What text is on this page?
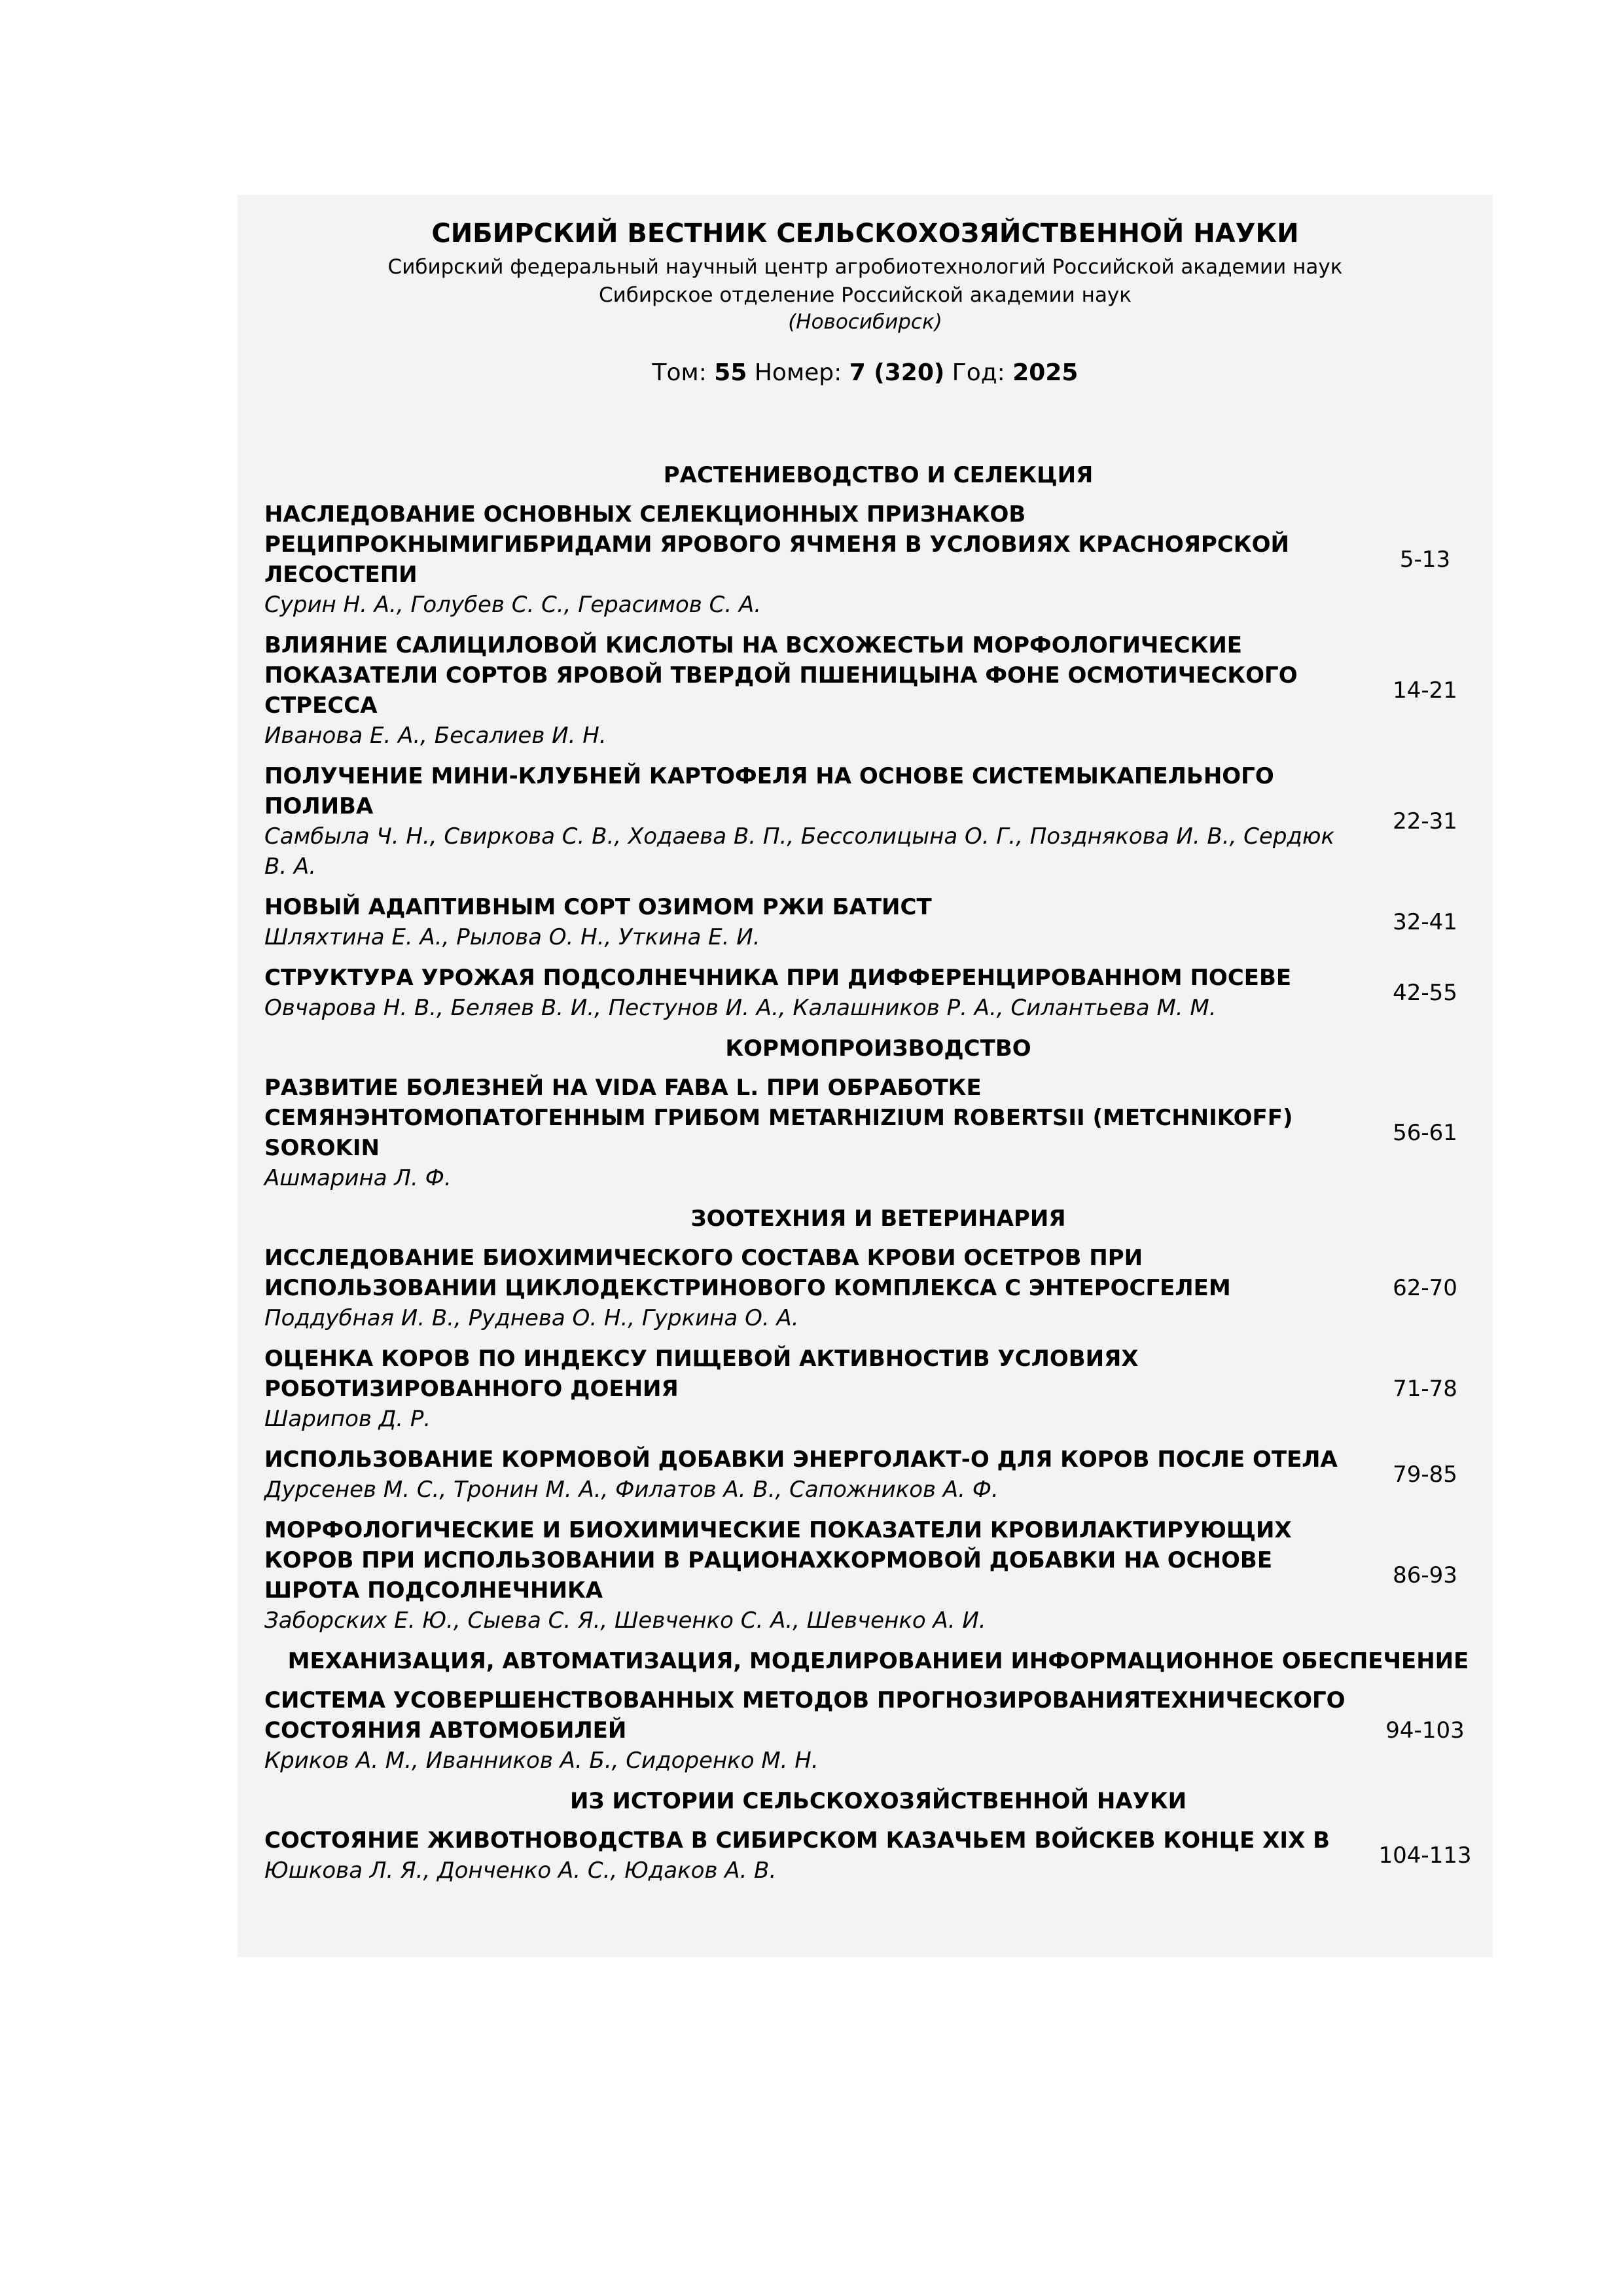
СИБИРСКИЙ ВЕСТНИК СЕЛЬСКОХОЗЯЙСТВЕННОЙ НАУКИ
Сибирский федеральный научный центр агробиотехнологий Российской академии наук
Сибирское отделение Российской академии наук
(Новосибирск)
Том: 55 Номер: 7 (320) Год: 2025
РАСТЕНИЕВОДСТВО И СЕЛЕКЦИЯ
НАСЛЕДОВАНИЕ ОСНОВНЫХ СЕЛЕКЦИОННЫХ ПРИЗНАКОВ РЕЦИПРОКНЫМИГИБРИДАМИ ЯРОВОГО ЯЧМЕНЯ В УСЛОВИЯХ КРАСНОЯРСКОЙ ЛЕСОСТЕПИ
Сурин Н. А., Голубев С. С., Герасимов С. А.
5-13
ВЛИЯНИЕ САЛИЦИЛОВОЙ КИСЛОТЫ НА ВСХОЖЕСТЬИ МОРФОЛОГИЧЕСКИЕ ПОКАЗАТЕЛИ СОРТОВ ЯРОВОЙ ТВЕРДОЙ ПШЕНИЦЫНА ФОНЕ ОСМОТИЧЕСКОГО СТРЕССА
Иванова Е. А., Бесалиев И. Н.
14-21
ПОЛУЧЕНИЕ МИНИ-КЛУБНЕЙ КАРТОФЕЛЯ НА ОСНОВЕ СИСТЕМЫКАПЕЛЬНОГО ПОЛИВА
Самбыла Ч. Н., Свиркова С. В., Ходаева В. П., Бессолицына О. Г., Позднякова И. В., Сердюк В. А.
22-31
НОВЫЙ АДАПТИВНЫМ СОРТ ОЗИМОМ РЖИ БАТИСТ
Шляхтина Е. А., Рылова О. Н., Уткина Е. И.
32-41
СТРУКТУРА УРОЖАЯ ПОДСОЛНЕЧНИКА ПРИ ДИФФЕРЕНЦИРОВАННОМ ПОСЕВЕ
Овчарова Н. В., Беляев В. И., Пестунов И. А., Калашников Р. А., Силантьева М. М.
42-55
КОРМОПРОИЗВОДСТВО
РАЗВИТИЕ БОЛЕЗНЕЙ НА VIDA FABA L. ПРИ ОБРАБОТКЕ СЕМЯНЭНТОМОПАТОГЕННЫМ ГРИБОМ METARHIZIUM ROBERTSII (METCHNIKOFF) SOROKIN
Ашмарина Л. Ф.
56-61
ЗООТЕХНИЯ И ВЕТЕРИНАРИЯ
ИССЛЕДОВАНИЕ БИОХИМИЧЕСКОГО СОСТАВА КРОВИ ОСЕТРОВ ПРИ ИСПОЛЬЗОВАНИИ ЦИКЛОДЕКСТРИНОВОГО КОМПЛЕКСА С ЭНТЕРОСГЕЛЕМ
Поддубная И. В., Руднева О. Н., Гуркина О. А.
62-70
ОЦЕНКА КОРОВ ПО ИНДЕКСУ ПИЩЕВОЙ АКТИВНОСТИВ УСЛОВИЯХ РОБОТИЗИРОВАННОГО ДОЕНИЯ
Шарипов Д. Р.
71-78
ИСПОЛЬЗОВАНИЕ КОРМОВОЙ ДОБАВКИ ЭНЕРГОЛАКТ-О ДЛЯ КОРОВ ПОСЛЕ ОТЕЛА
Дурсенев М. С., Тронин М. А., Филатов А. В., Сапожников А. Ф.
79-85
МОРФОЛОГИЧЕСКИЕ И БИОХИМИЧЕСКИЕ ПОКАЗАТЕЛИ КРОВИЛАКТИРУЮЩИХ КОРОВ ПРИ ИСПОЛЬЗОВАНИИ В РАЦИОНАХКОРМОВОЙ ДОБАВКИ НА ОСНОВЕ ШРОТА ПОДСОЛНЕЧНИКА
Заборских Е. Ю., Сыева С. Я., Шевченко С. А., Шевченко А. И.
86-93
МЕХАНИЗАЦИЯ, АВТОМАТИЗАЦИЯ, МОДЕЛИРОВАНИЕИ ИНФОРМАЦИОННОЕ ОБЕСПЕЧЕНИЕ
СИСТЕМА УСОВЕРШЕНСТВОВАННЫХ МЕТОДОВ ПРОГНОЗИРОВАНИЯТЕХНИЧЕСКОГО СОСТОЯНИЯ АВТОМОБИЛЕЙ
Криков А. М., Иванников А. Б., Сидоренко М. Н.
94-103
ИЗ ИСТОРИИ СЕЛЬСКОХОЗЯЙСТВЕННОЙ НАУКИ
СОСТОЯНИЕ ЖИВОТНОВОДСТВА В СИБИРСКОМ КАЗАЧЬЕМ ВОЙСКЕВ КОНЦЕ XIX В
Юшкова Л. Я., Донченко А. С., Юдаков А. В.
104-113
